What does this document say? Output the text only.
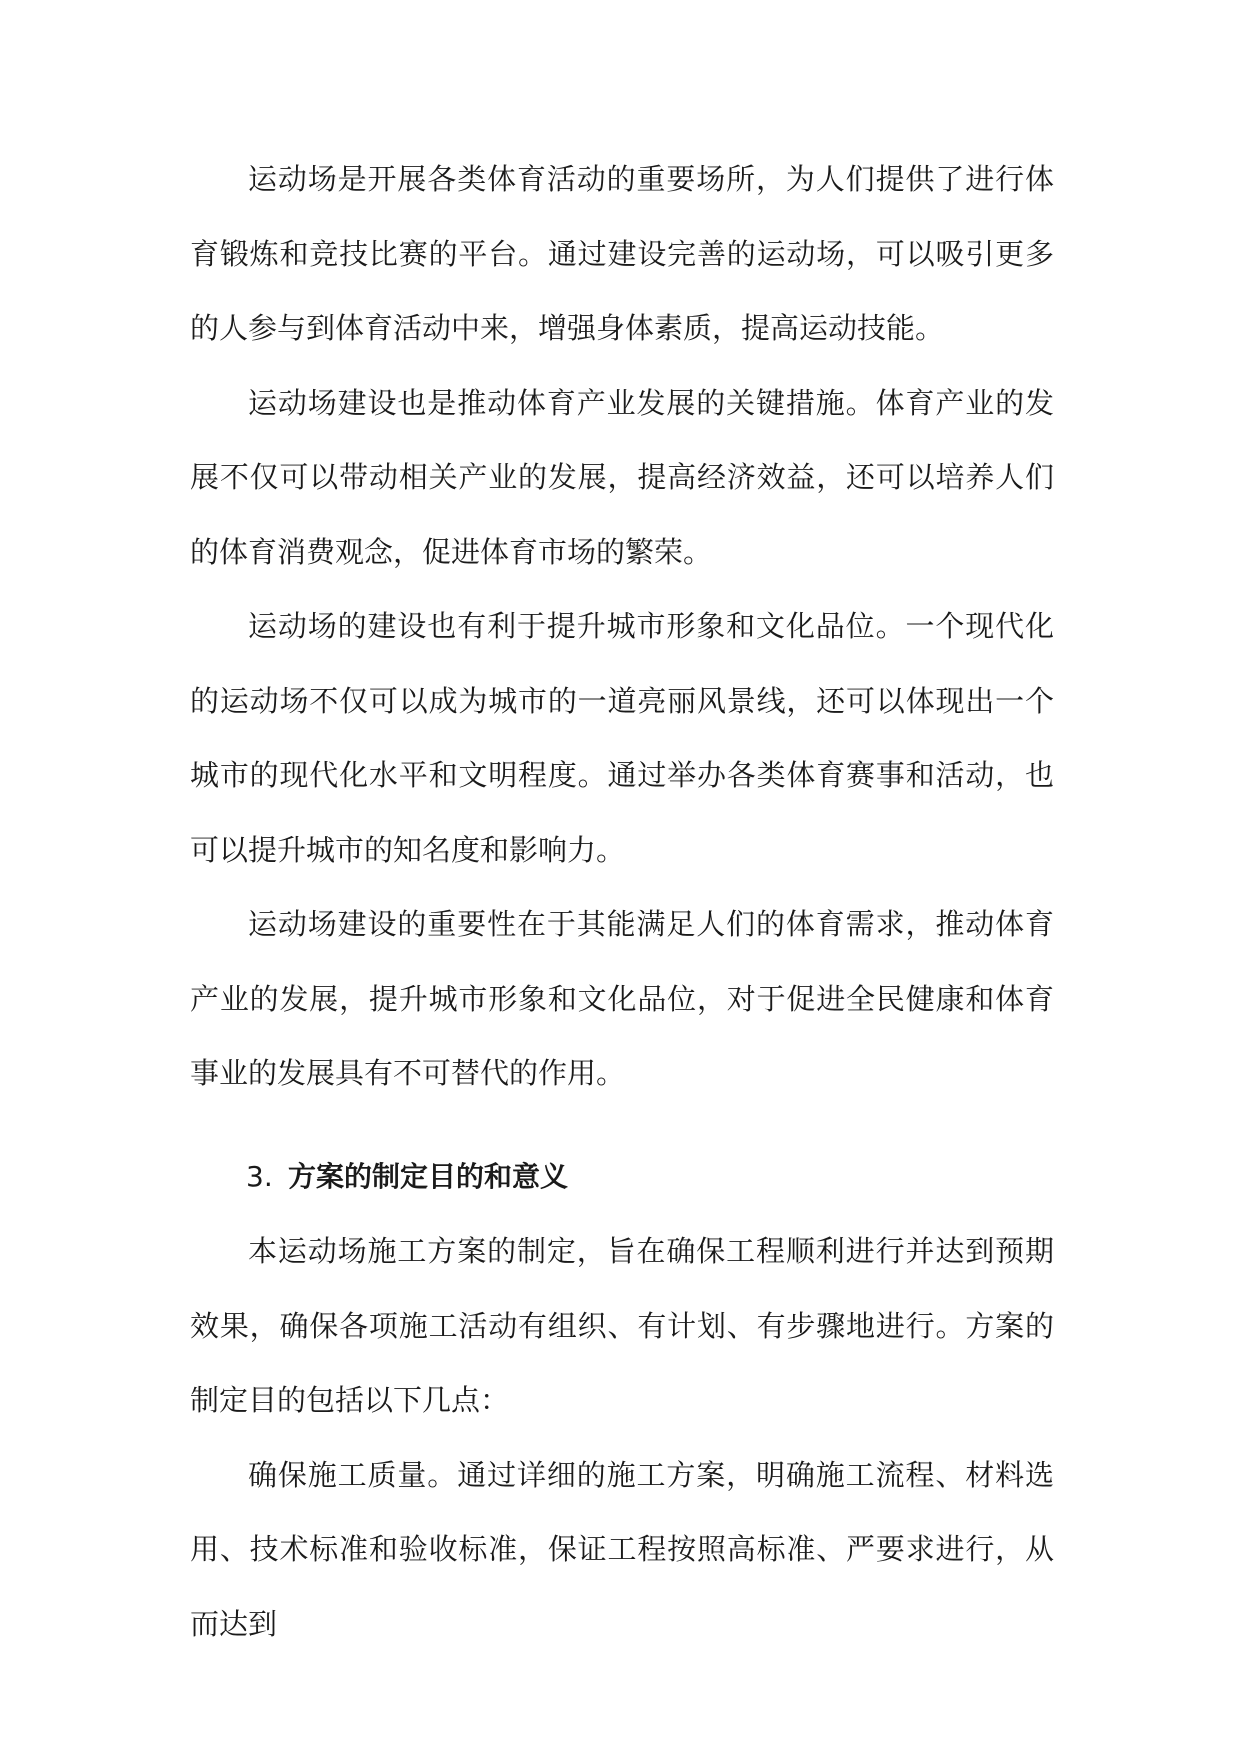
运动场是开展各类体育活动的重要场所，为人们提供了进行体育锻炼和竞技比赛的平台。通过建设完善的运动场，可以吸引更多的人参与到体育活动中来，增强身体素质，提高运动技能。

运动场建设也是推动体育产业发展的关键措施。体育产业的发展不仅可以带动相关产业的发展，提高经济效益，还可以培养人们的体育消费观念，促进体育市场的繁荣。

运动场的建设也有利于提升城市形象和文化品位。一个现代化的运动场不仅可以成为城市的一道亮丽风景线，还可以体现出一个城市的现代化水平和文明程度。通过举办各类体育赛事和活动，也可以提升城市的知名度和影响力。

运动场建设的重要性在于其能满足人们的体育需求，推动体育产业的发展，提升城市形象和文化品位，对于促进全民健康和体育事业的发展具有不可替代的作用。

3. 方案的制定目的和意义

本运动场施工方案的制定，旨在确保工程顺利进行并达到预期效果，确保各项施工活动有组织、有计划、有步骤地进行。方案的制定目的包括以下几点：

确保施工质量。通过详细的施工方案，明确施工流程、材料选用、技术标准和验收标准，保证工程按照高标准、严要求进行，从而达到
